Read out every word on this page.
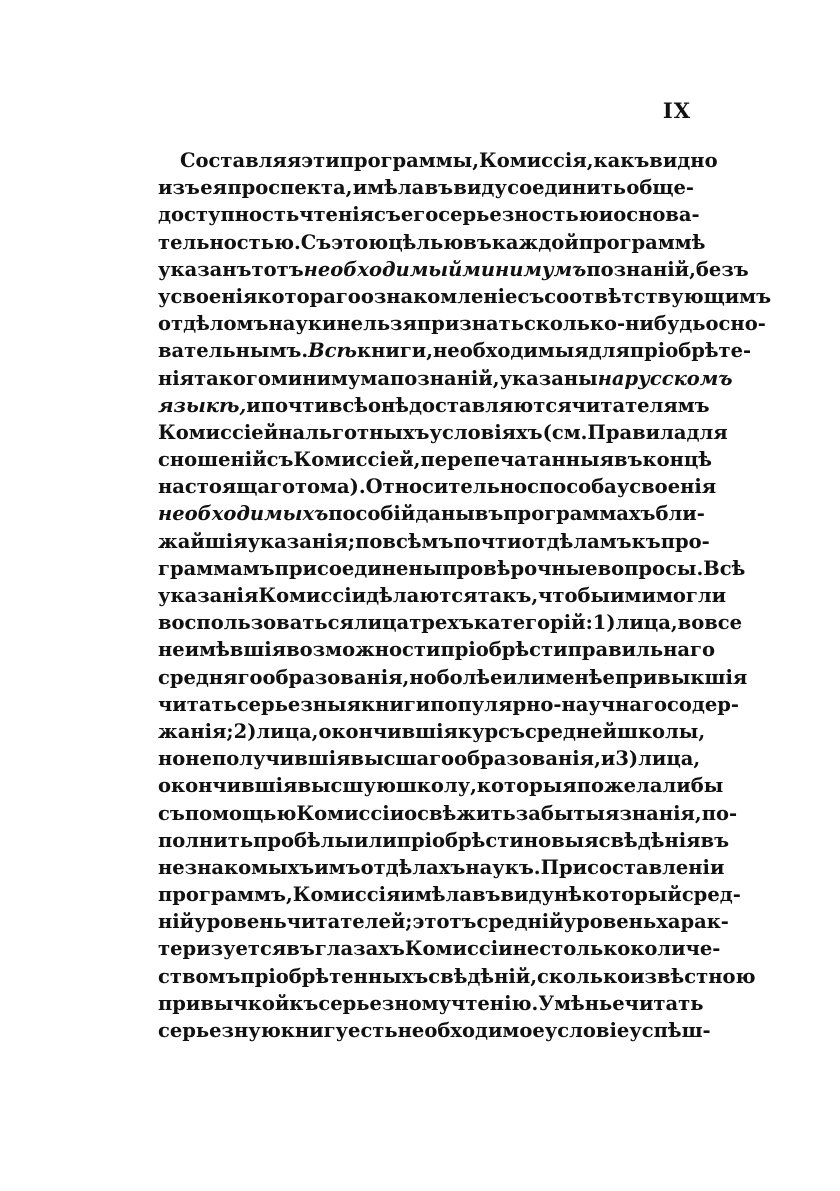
IX
Составляя эти программы, Комиссія, какъ видно
изъ ея проспекта, имѣла въ виду соединить обще-
доступность чтенія съ его серьезностью и основа-
тельностью. Съ этою цѣлью въ каждой программѣ
указанъ тотъ необходимый минимумъ познаній, безъ
усвоенія котораго ознакомленіе съ соотвѣтствующимъ
отдѣломъ науки нельзя признать сколько-нибудь осно-
вательнымъ. Всѣ книги, необходимыя для пріобрѣте-
нія такого минимума познаній, указаны на русскомъ
языкѣ, и почти всѣ онѣ доставляются читателямъ
Комиссіей на льготныхъ условіяхъ (см. Правила для
сношеній съ Комиссіей, перепечатанныя въ концѣ
настоящаго тома). Относительно способа усвоенія
необходимыхъ пособій даны въ программахъ бли-
жайшія указанія; по всѣмъ почти отдѣламъ къ про-
граммамъ присоединены провѣрочные вопросы. Всѣ
указанія Комиссіи дѣлаются такъ, чтобы ими могли
воспользоваться лица трехъ категорій: 1) лица, вовсе
не имѣвшія возможности пріобрѣсти правильнаго
средняго образованія, но болѣе или менѣе привыкшія
читать серьезныя книги популярно-научнаго содер-
жанія; 2) лица, окончившія курсъ средней школы,
но не получившія высшаго образованія, и 3) лица,
окончившія высшую школу, которыя пожелали бы
съ помощью Комиссіи освѣжить забытыя знанія, по-
полнить пробѣлы или пріобрѣсти новыя свѣдѣнія въ
незнакомыхъ имъ отдѣлахъ наукъ. При составленіи
программъ, Комиссія имѣла въ виду нѣкоторый сред-
ній уровень читателей; этотъ средній уровень харак-
теризуется въ глазахъ Комиссіи не столько количе-
ствомъ пріобрѣтенныхъ свѣдѣній, сколько извѣстною
привычкой къ серьезному чтенію. Умѣнье читать
серьезную книгу есть необходимое условіе успѣш-
